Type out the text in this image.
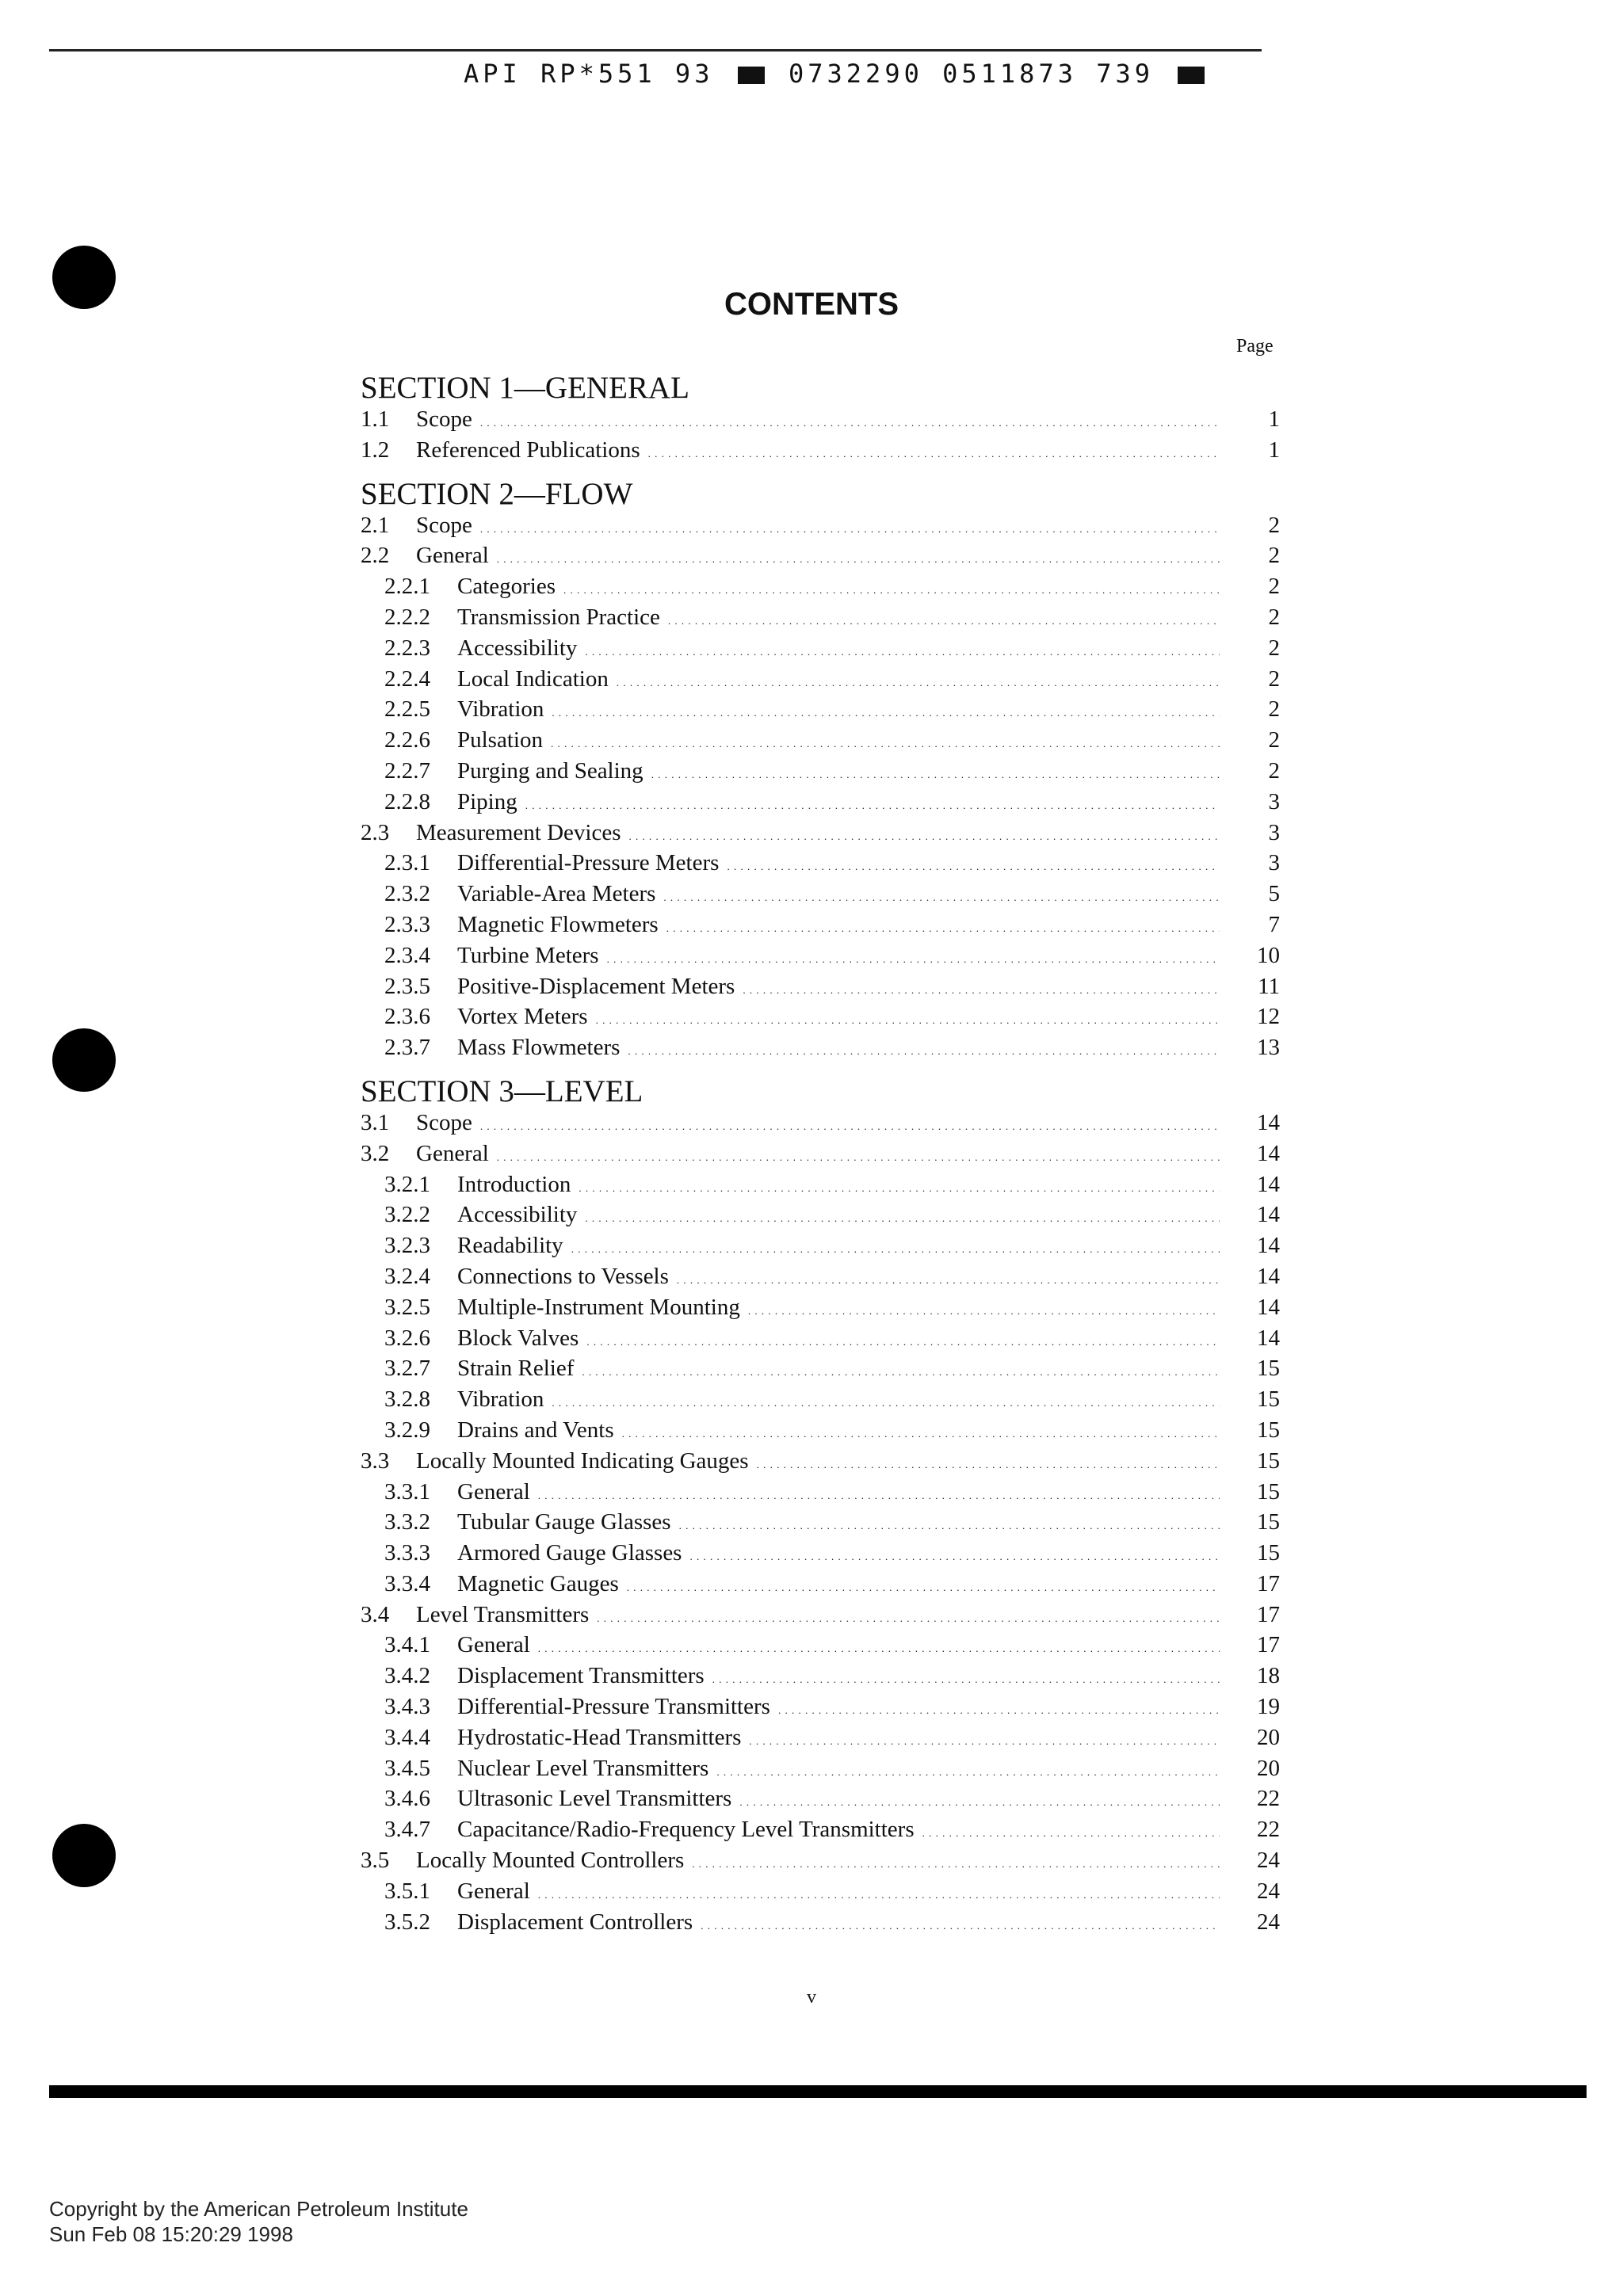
API RP*551 93	0732290 0511873 739
CONTENTS
Page
SECTION 1—GENERAL
1.1	Scope . . .	1
1.2	Referenced Publications . . .	1
SECTION 2—FLOW
2.1	Scope . . .	2
2.2	General . . .	2
2.2.1	Categories . . .	2
2.2.2	Transmission Practice . . .	2
2.2.3	Accessibility . . .	2
2.2.4	Local Indication . . .	2
2.2.5	Vibration . . .	2
2.2.6	Pulsation . . .	2
2.2.7	Purging and Sealing . . .	2
2.2.8	Piping . . .	3
2.3	Measurement Devices . . .	3
2.3.1	Differential-Pressure Meters . . .	3
2.3.2	Variable-Area Meters . . .	5
2.3.3	Magnetic Flowmeters . . .	7
2.3.4	Turbine Meters . . .	10
2.3.5	Positive-Displacement Meters . . .	11
2.3.6	Vortex Meters . . .	12
2.3.7	Mass Flowmeters . . .	13
SECTION 3—LEVEL
3.1	Scope . . .	14
3.2	General . . .	14
3.2.1	Introduction . . .	14
3.2.2	Accessibility . . .	14
3.2.3	Readability . . .	14
3.2.4	Connections to Vessels . . .	14
3.2.5	Multiple-Instrument Mounting . . .	14
3.2.6	Block Valves . . .	14
3.2.7	Strain Relief . . .	15
3.2.8	Vibration . . .	15
3.2.9	Drains and Vents . . .	15
3.3	Locally Mounted Indicating Gauges . . .	15
3.3.1	General . . .	15
3.3.2	Tubular Gauge Glasses . . .	15
3.3.3	Armored Gauge Glasses . . .	15
3.3.4	Magnetic Gauges . . .	17
3.4	Level Transmitters . . .	17
3.4.1	General . . .	17
3.4.2	Displacement Transmitters . . .	18
3.4.3	Differential-Pressure Transmitters . . .	19
3.4.4	Hydrostatic-Head Transmitters . . .	20
3.4.5	Nuclear Level Transmitters . . .	20
3.4.6	Ultrasonic Level Transmitters . . .	22
3.4.7	Capacitance/Radio-Frequency Level Transmitters . . .	22
3.5	Locally Mounted Controllers . . .	24
3.5.1	General . . .	24
3.5.2	Displacement Controllers . . .	24
v
Copyright by the American Petroleum Institute
Sun Feb 08 15:20:29 1998
